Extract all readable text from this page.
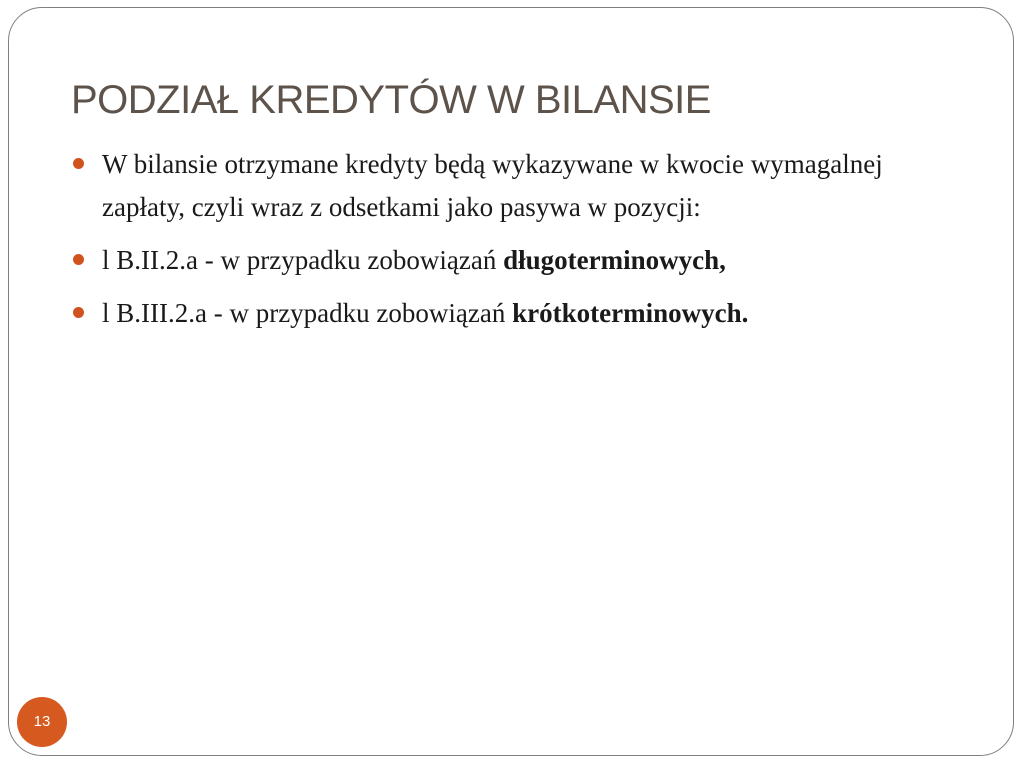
PODZIAŁ KREDYTÓW W BILANSIE
W bilansie otrzymane kredyty będą wykazywane w kwocie wymagalnej zapłaty, czyli wraz z odsetkami jako pasywa w pozycji:
l B.II.2.a - w przypadku zobowiązań długoterminowych,
l B.III.2.a - w przypadku zobowiązań krótkoterminowych.
13
